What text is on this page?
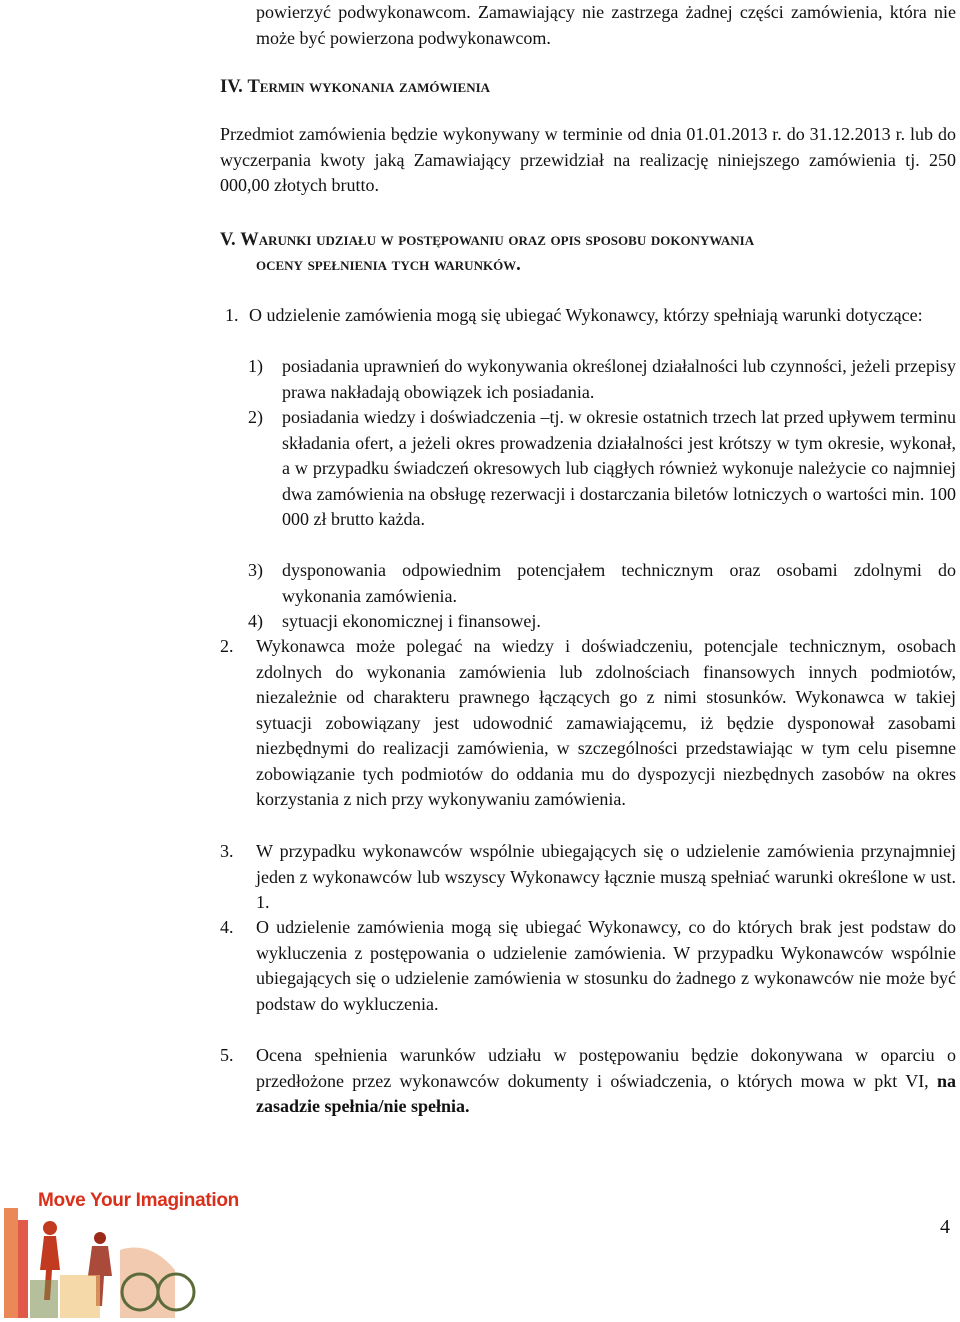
powierzyć podwykonawcom. Zamawiający nie zastrzega żadnej części zamówienia, która nie może być powierzona podwykonawcom.
IV. Termin wykonania zamówienia
Przedmiot zamówienia będzie wykonywany w terminie od dnia 01.01.2013 r. do 31.12.2013 r. lub do wyczerpania kwoty jaką Zamawiający przewidział na realizację niniejszego zamówienia tj. 250 000,00 złotych brutto.
V. Warunki udziału w postępowaniu oraz opis sposobu dokonywania
oceny spełnienia tych warunków.
1. O udzielenie zamówienia mogą się ubiegać Wykonawcy, którzy spełniają warunki dotyczące:
1) posiadania uprawnień do wykonywania określonej działalności lub czynności, jeżeli przepisy prawa nakładają obowiązek ich posiadania.
2) posiadania wiedzy i doświadczenia –tj. w okresie ostatnich trzech lat przed upływem terminu składania ofert, a jeżeli okres prowadzenia działalności jest krótszy w tym okresie, wykonał, a w przypadku świadczeń okresowych lub ciągłych również wykonuje należycie co najmniej dwa zamówienia na obsługę rezerwacji i dostarczania biletów lotniczych o wartości min. 100 000 zł brutto każda.
3) dysponowania odpowiednim potencjałem technicznym oraz osobami zdolnymi do wykonania zamówienia.
4) sytuacji ekonomicznej i finansowej.
2. Wykonawca może polegać na wiedzy i doświadczeniu, potencjale technicznym, osobach zdolnych do wykonania zamówienia lub zdolnościach finansowych innych podmiotów, niezależnie od charakteru prawnego łączących go z nimi stosunków. Wykonawca w takiej sytuacji zobowiązany jest udowodnić zamawiającemu, iż będzie dysponował zasobami niezbędnymi do realizacji zamówienia, w szczególności przedstawiając w tym celu pisemne zobowiązanie tych podmiotów do oddania mu do dyspozycji niezbędnych zasobów na okres korzystania z nich przy wykonywaniu zamówienia.
3. W przypadku wykonawców wspólnie ubiegających się o udzielenie zamówienia przynajmniej jeden z wykonawców lub wszyscy Wykonawcy łącznie muszą spełniać warunki określone w ust. 1.
4. O udzielenie zamówienia mogą się ubiegać Wykonawcy, co do których brak jest podstaw do wykluczenia z postępowania o udzielenie zamówienia. W przypadku Wykonawców wspólnie ubiegających się o udzielenie zamówienia w stosunku do żadnego z wykonawców nie może być podstaw do wykluczenia.
5. Ocena spełnienia warunków udziału w postępowaniu będzie dokonywana w oparciu o przedłożone przez wykonawców dokumenty i oświadczenia, o których mowa w pkt VI, na zasadzie spełnia/nie spełnia.
Move Your Imagination
4
